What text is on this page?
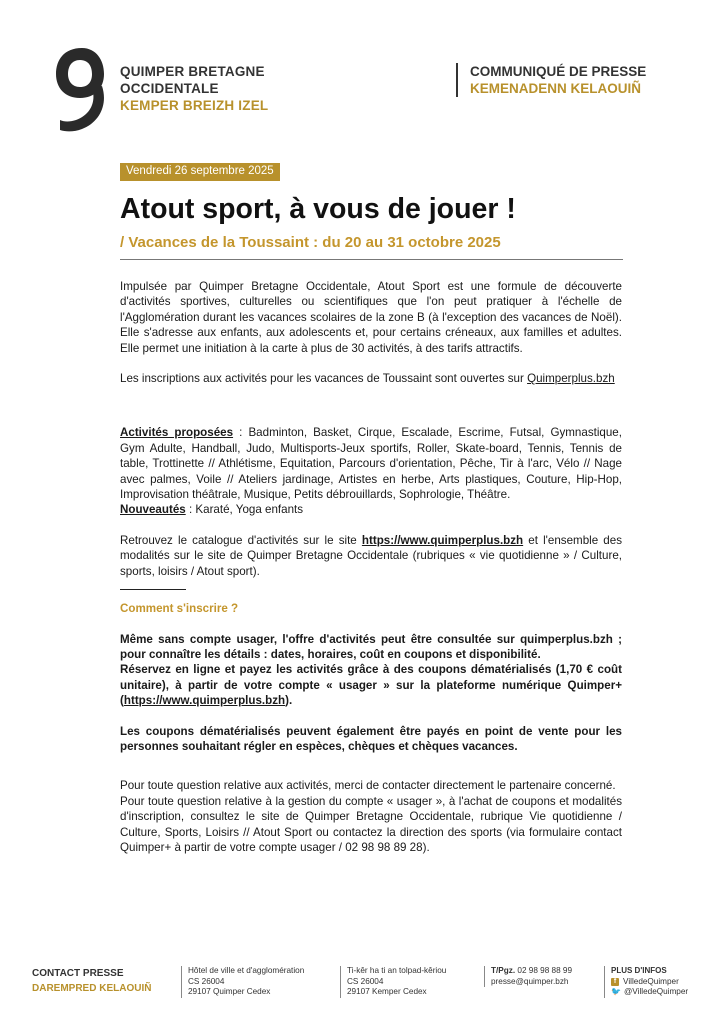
QUIMPER BRETAGNE
OCCIDENTALE
KEMPER BREIZH IZEL
COMMUNIQUÉ DE PRESSE
KEMENADENN KELAOUIÑ
Vendredi 26 septembre 2025
Atout sport, à vous de jouer !
/ Vacances de la Toussaint : du 20 au 31 octobre 2025

Impulsée par Quimper Bretagne Occidentale, Atout Sport est une formule de découverte d'activités sportives, culturelles ou scientifiques que l'on peut pratiquer à l'échelle de l'Agglomération durant les vacances scolaires de la zone B (à l'exception des vacances de Noël). Elle s'adresse aux enfants, aux adolescents et, pour certains créneaux, aux familles et adultes. Elle permet une initiation à la carte à plus de 30 activités, à des tarifs attractifs.

Les inscriptions aux activités pour les vacances de Toussaint sont ouvertes sur Quimperplus.bzh

Activités proposées : Badminton, Basket, Cirque, Escalade, Escrime, Futsal, Gymnastique, Gym Adulte, Handball, Judo, Multisports-Jeux sportifs, Roller, Skate-board, Tennis, Tennis de table, Trottinette // Athlétisme, Equitation, Parcours d'orientation, Pêche, Tir à l'arc, Vélo // Nage avec palmes, Voile // Ateliers jardinage, Artistes en herbe, Arts plastiques, Couture, Hip-Hop, Improvisation théâtrale, Musique, Petits débrouillards, Sophrologie, Théâtre.

Nouveautés : Karaté, Yoga enfants

Retrouvez le catalogue d'activités sur le site https://www.quimperplus.bzh et l'ensemble des modalités sur le site de Quimper Bretagne Occidentale (rubriques « vie quotidienne » / Culture, sports, loisirs / Atout sport).

Comment s'inscrire ?

Même sans compte usager, l'offre d'activités peut être consultée sur quimperplus.bzh ; pour connaître les détails : dates, horaires, coût en coupons et disponibilité.

Réservez en ligne et payez les activités grâce à des coupons dématérialisés (1,70 € coût unitaire), à partir de votre compte « usager » sur la plateforme numérique Quimper+ (https://www.quimperplus.bzh).

Les coupons dématérialisés peuvent également être payés en point de vente pour les personnes souhaitant régler en espèces, chèques et chèques vacances.

Pour toute question relative aux activités, merci de contacter directement le partenaire concerné.

Pour toute question relative à la gestion du compte « usager », à l'achat de coupons et modalités d'inscription, consultez le site de Quimper Bretagne Occidentale, rubrique Vie quotidienne / Culture, Sports, Loisirs // Atout Sport ou contactez la direction des sports (via formulaire contact Quimper+ à partir de votre compte usager / 02 98 98 89 28).

CONTACT PRESSE
DAREMPRED KELAOUIÑ
Hôtel de ville et d'agglomération
CS 26004
29107 Quimper Cedex
Ti-kêr ha ti an tolpad-kêriou
CS 26004
29107 Kemper Cedex
T/Pgz. 02 98 98 88 99
presse@quimper.bzh
PLUS D'INFOS
f VilledeQuimper
🐦 @VilledeQuimper
